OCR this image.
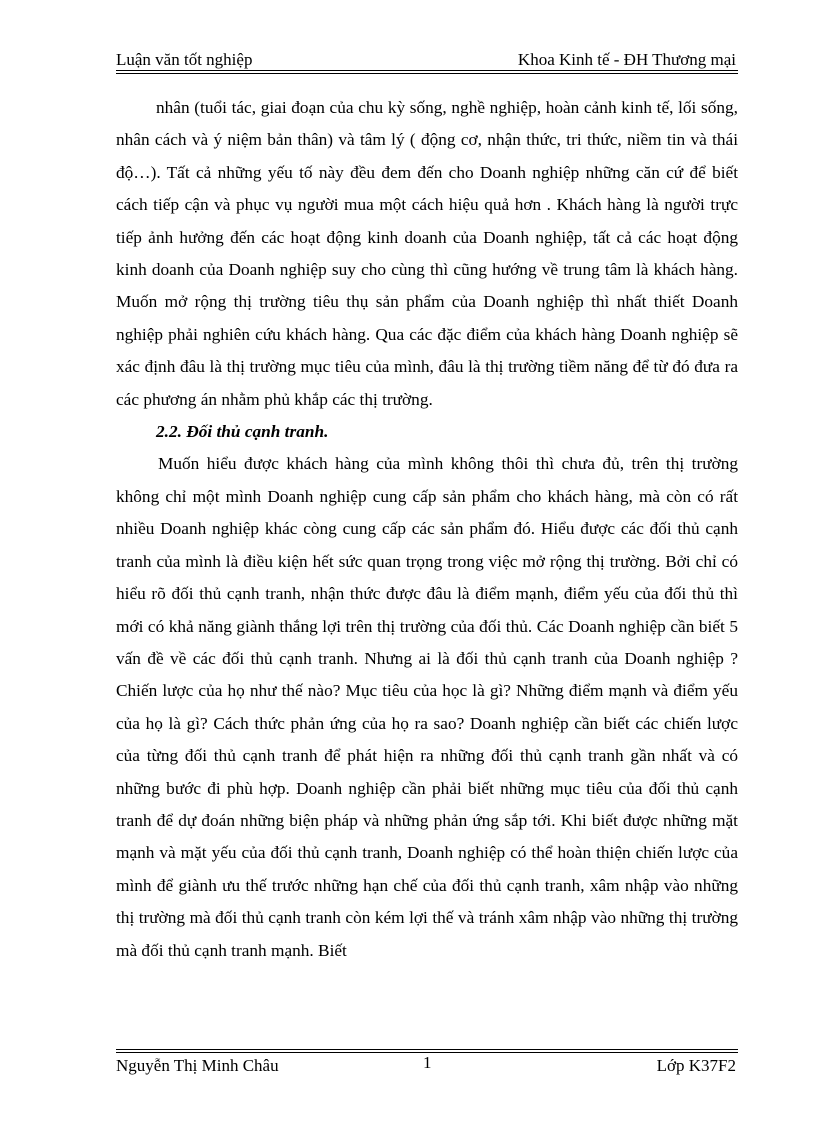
Luận văn tốt nghiệp	Khoa Kinh tế - ĐH Thương mại

nhân (tuổi tác, giai đoạn của chu kỳ sống, nghề nghiệp, hoàn cảnh kinh tế, lối sống, nhân cách và ý niệm bản thân) và tâm lý ( động cơ, nhận thức, tri thức, niềm tin và thái độ…). Tất cả những yếu tố này đều đem đến cho Doanh nghiệp những căn cứ để biết cách tiếp cận và phục vụ người mua một cách hiệu quả hơn . Khách hàng là người trực tiếp ảnh hưởng đến các hoạt động kinh doanh của Doanh nghiệp, tất cả các hoạt động kinh doanh của Doanh nghiệp suy cho cùng thì cũng hướng về trung tâm là khách hàng. Muốn mở rộng thị trường tiêu thụ sản phẩm của Doanh nghiệp thì nhất thiết Doanh nghiệp phải nghiên cứu khách hàng. Qua các đặc điểm của khách hàng Doanh nghiệp sẽ xác định đâu là thị trường mục tiêu của mình, đâu là thị trường tiềm năng để từ đó đưa ra các phương án nhằm phủ khắp các thị trường.

2.2. Đối thủ cạnh tranh.

Muốn hiểu được khách hàng của mình không thôi thì chưa đủ, trên thị trường không chỉ một mình Doanh nghiệp cung cấp sản phẩm cho khách hàng, mà còn có rất nhiều Doanh nghiệp khác còng cung cấp các sản phẩm đó. Hiểu được các đối thủ cạnh tranh của mình là điều kiện hết sức quan trọng trong việc mở rộng thị trường. Bởi chỉ có hiểu rõ đối thủ cạnh tranh, nhận thức được đâu là điểm mạnh, điểm yếu của đối thủ thì mới có khả năng giành thắng lợi trên thị trường của đối thủ. Các Doanh nghiệp cần biết 5 vấn đề về các đối thủ cạnh tranh. Nhưng ai là đối thủ cạnh tranh của Doanh nghiệp ? Chiến lược của họ như thế nào? Mục tiêu của học là gì? Những điểm mạnh và điểm yếu của họ là gì? Cách thức phản ứng của họ ra sao? Doanh nghiệp cần biết các chiến lược của từng đối thủ cạnh tranh để phát hiện ra những đối thủ cạnh tranh gần nhất và có những bước đi phù hợp. Doanh nghiệp cần phải biết những mục tiêu của đối thủ cạnh tranh để dự đoán những biện pháp và những phản ứng sắp tới. Khi biết được những mặt mạnh và mặt yếu của đối thủ cạnh tranh, Doanh nghiệp có thể hoàn thiện chiến lược của mình để giành ưu thế trước những hạn chế của đối thủ cạnh tranh, xâm nhập vào những thị trường mà đối thủ cạnh tranh còn kém lợi thế và tránh xâm nhập vào những thị trường mà đối thủ cạnh tranh mạnh. Biết

Nguyễn Thị Minh Châu	1	Lớp K37F2
